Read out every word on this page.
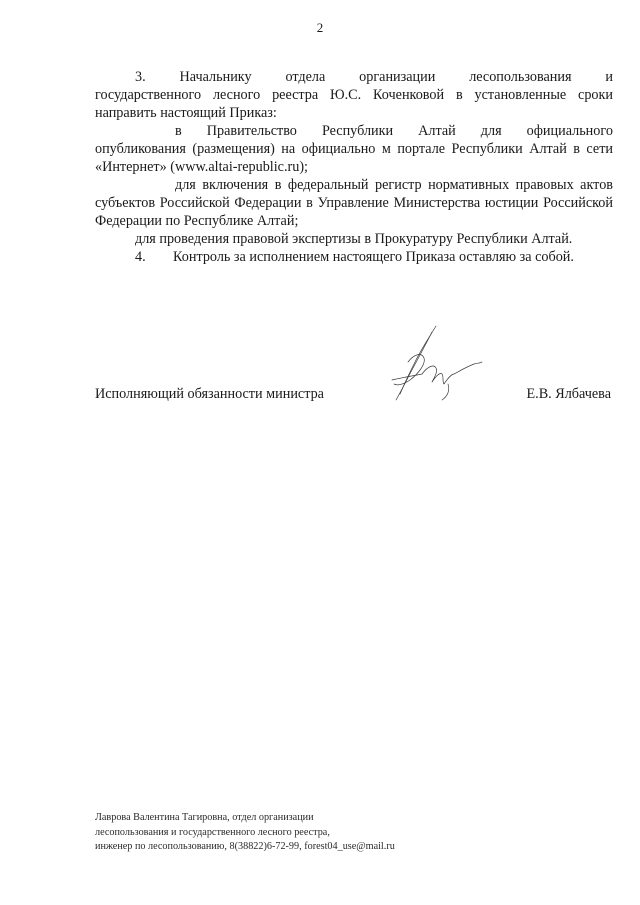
2
3. Начальнику отдела организации лесопользования и

государственного лесного реестра Ю.С. Коченковой в установленные сроки направить настоящий Приказ:

в Правительство Республики Алтай для официального

опубликования (размещения) на официально м портале Республики Алтай в сети «Интернет» (www.altai-republic.ru);

для включения в федеральный регистр нормативных правовых актов субъектов Российской Федерации в Управление Министерства юстиции Российской Федерации по Республике Алтай;

для проведения правовой экспертизы в Прокуратуру Республики Алтай.

4.	Контроль за исполнением настоящего Приказа оставляю за собой.
Исполняющий обязанности министра	Е.В. Ялбачева
Лаврова Валентина Тагировна, отдел организации
лесопользования и государственного лесного реестра,
инженер по лесопользованию, 8(38822)6-72-99, forest04_use@mail.ru
